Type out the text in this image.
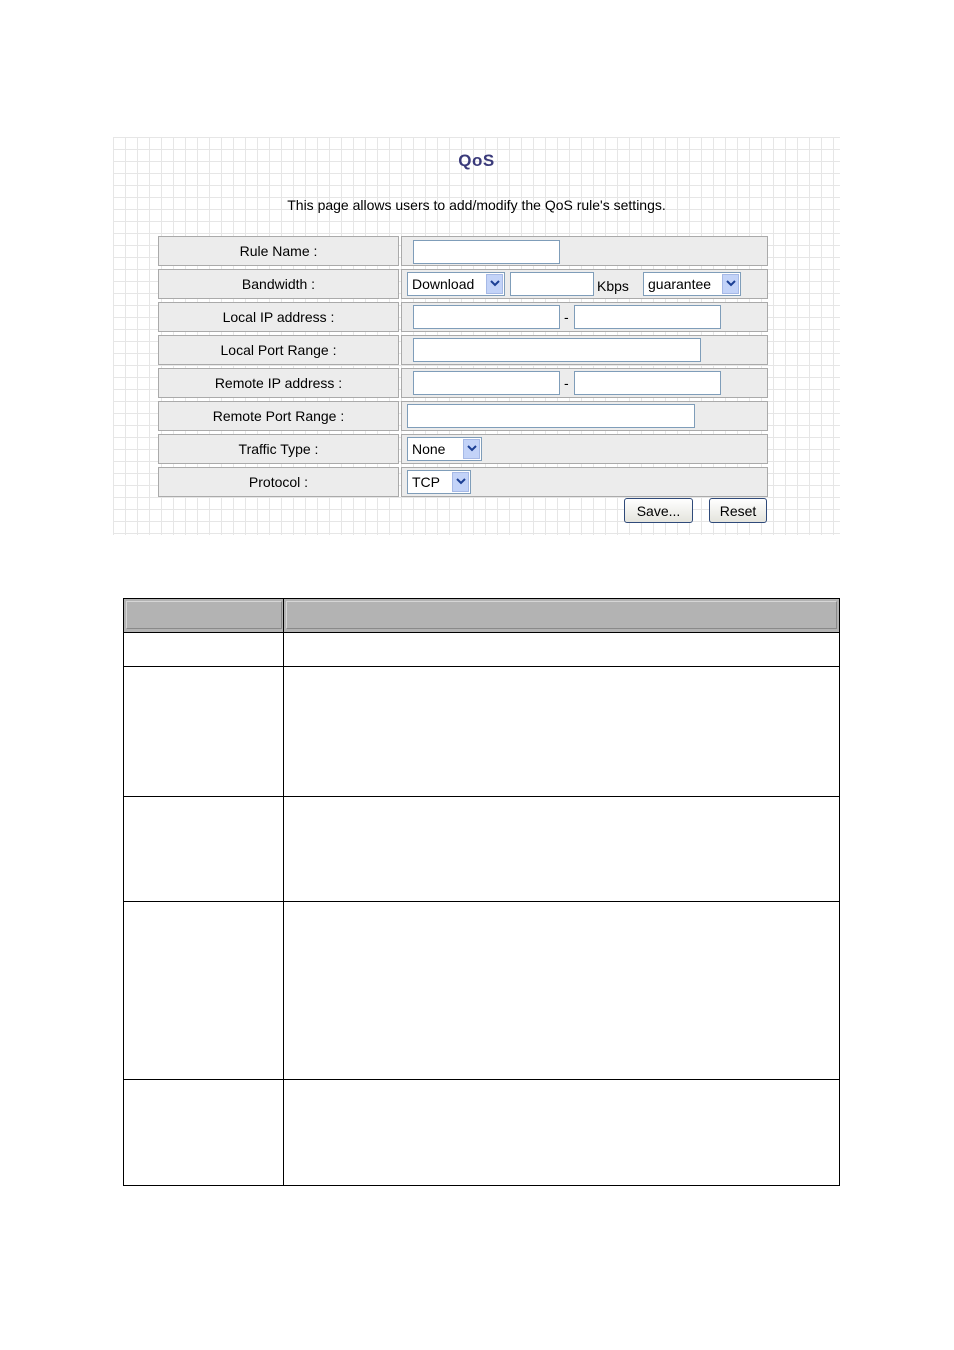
QoS
This page allows users to add/modify the QoS rule's settings.
Rule Name :
Bandwidth :	Download	Kbps	guarantee
Local IP address :	-
Local Port Range :
Remote IP address :	-
Remote Port Range :
Traffic Type :	None
Protocol :	TCP
Save...	Reset
